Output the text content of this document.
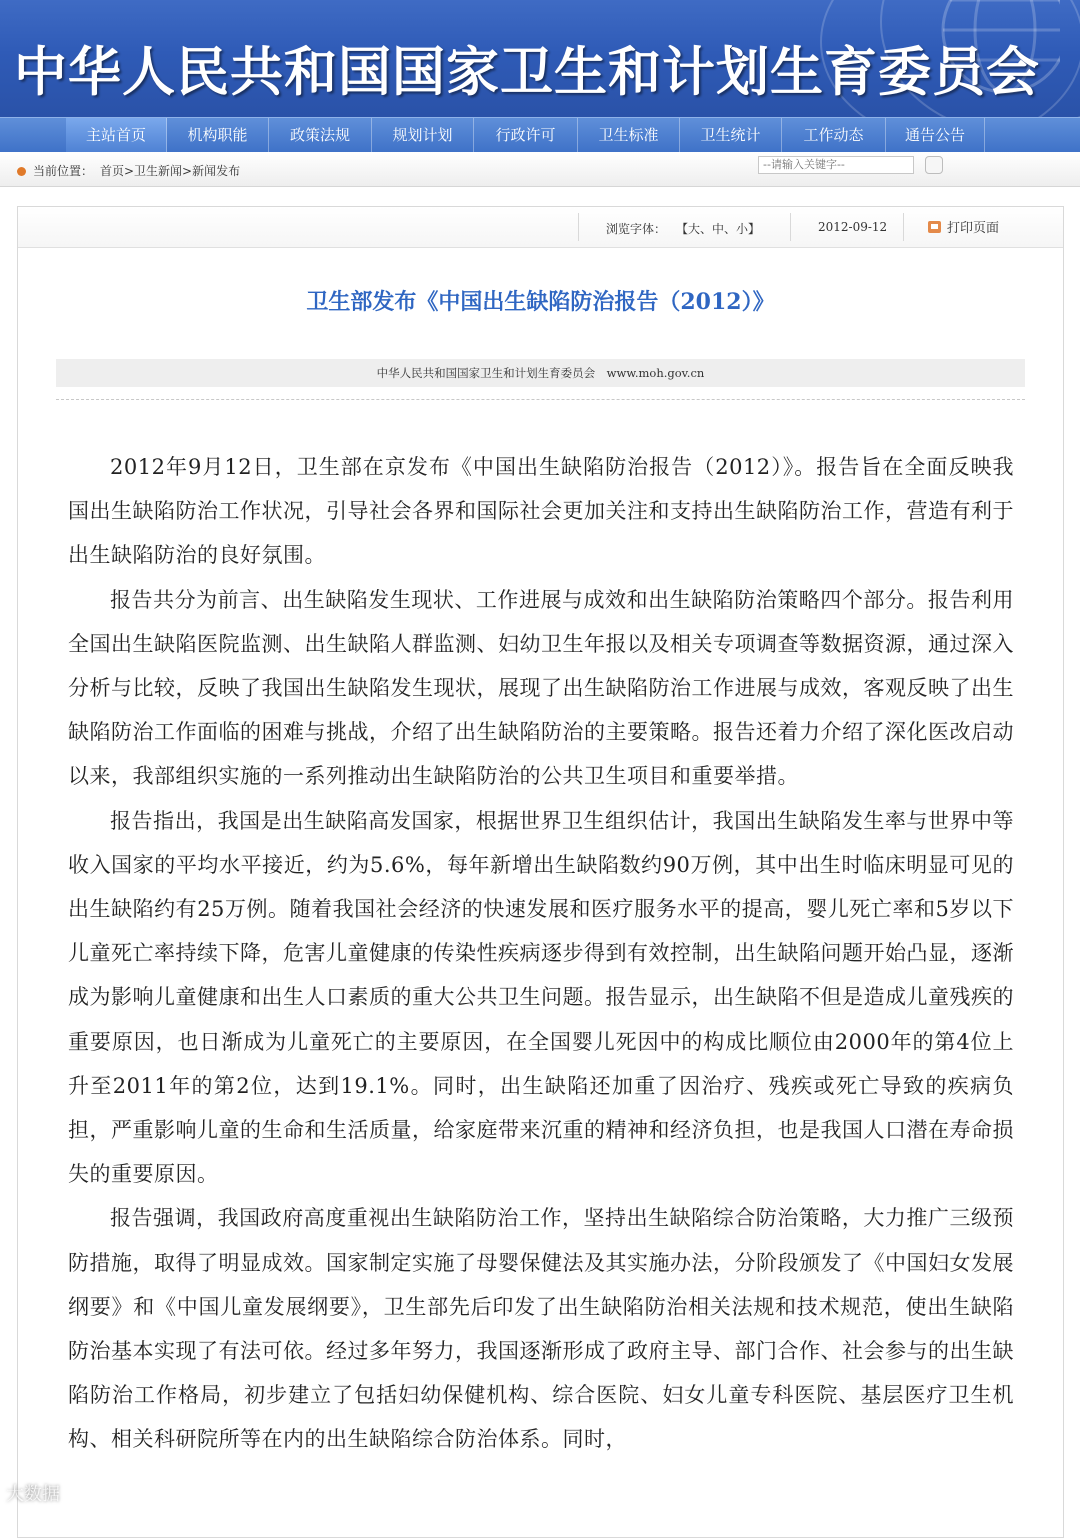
中华人民共和国国家卫生和计划生育委员会
主站首页	机构职能	政策法规	规划计划	行政许可	卫生标准	卫生统计	工作动态	通告公告
当前位置： 首页>卫生新闻>新闻发布
--请输入关键字--
浏览字体： 【大、中、小】	2012-09-12	打印页面
卫生部发布《中国出生缺陷防治报告（2012）》
中华人民共和国国家卫生和计划生育委员会　www.moh.gov.cn

2012年9月12日，卫生部在京发布《中国出生缺陷防治报告（2012）》。报告旨在全面反映我国出生缺陷防治工作状况，引导社会各界和国际社会更加关注和支持出生缺陷防治工作，营造有利于出生缺陷防治的良好氛围。

报告共分为前言、出生缺陷发生现状、工作进展与成效和出生缺陷防治策略四个部分。报告利用全国出生缺陷医院监测、出生缺陷人群监测、妇幼卫生年报以及相关专项调查等数据资源，通过深入分析与比较，反映了我国出生缺陷发生现状，展现了出生缺陷防治工作进展与成效，客观反映了出生缺陷防治工作面临的困难与挑战，介绍了出生缺陷防治的主要策略。报告还着力介绍了深化医改启动以来，我部组织实施的一系列推动出生缺陷防治的公共卫生项目和重要举措。

报告指出，我国是出生缺陷高发国家，根据世界卫生组织估计，我国出生缺陷发生率与世界中等收入国家的平均水平接近，约为5.6%，每年新增出生缺陷数约90万例，其中出生时临床明显可见的出生缺陷约有25万例。随着我国社会经济的快速发展和医疗服务水平的提高，婴儿死亡率和5岁以下儿童死亡率持续下降，危害儿童健康的传染性疾病逐步得到有效控制，出生缺陷问题开始凸显，逐渐成为影响儿童健康和出生人口素质的重大公共卫生问题。报告显示，出生缺陷不但是造成儿童残疾的重要原因，也日渐成为儿童死亡的主要原因，在全国婴儿死因中的构成比顺位由2000年的第4位上升至2011年的第2位，达到19.1%。同时，出生缺陷还加重了因治疗、残疾或死亡导致的疾病负担，严重影响儿童的生命和生活质量，给家庭带来沉重的精神和经济负担，也是我国人口潜在寿命损失的重要原因。

报告强调，我国政府高度重视出生缺陷防治工作，坚持出生缺陷综合防治策略，大力推广三级预防措施，取得了明显成效。国家制定实施了母婴保健法及其实施办法，分阶段颁发了《中国妇女发展纲要》和《中国儿童发展纲要》，卫生部先后印发了出生缺陷防治相关法规和技术规范，使出生缺陷防治基本实现了有法可依。经过多年努力，我国逐渐形成了政府主导、部门合作、社会参与的出生缺陷防治工作格局，初步建立了包括妇幼保健机构、综合医院、妇女儿童专科医院、基层医疗卫生机构、相关科研院所等在内的出生缺陷综合防治体系。同时，

大数据
